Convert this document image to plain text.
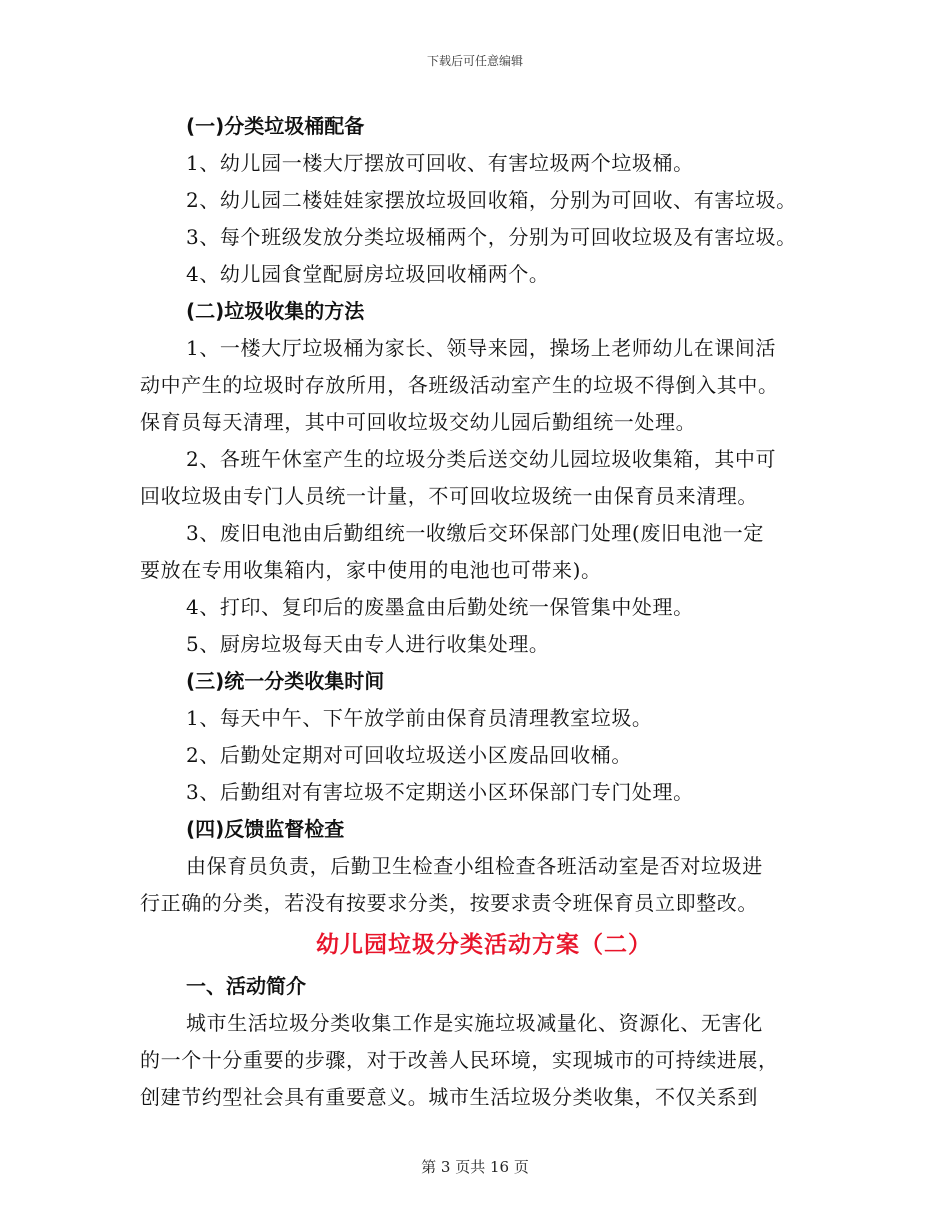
下载后可任意编辑

(一)分类垃圾桶配备

1、幼儿园一楼大厅摆放可回收、有害垃圾两个垃圾桶。

2、幼儿园二楼娃娃家摆放垃圾回收箱，分别为可回收、有害垃圾。

3、每个班级发放分类垃圾桶两个，分别为可回收垃圾及有害垃圾。

4、幼儿园食堂配厨房垃圾回收桶两个。

(二)垃圾收集的方法

1、一楼大厅垃圾桶为家长、领导来园，操场上老师幼儿在课间活

动中产生的垃圾时存放所用，各班级活动室产生的垃圾不得倒入其中。

保育员每天清理，其中可回收垃圾交幼儿园后勤组统一处理。

2、各班午休室产生的垃圾分类后送交幼儿园垃圾收集箱，其中可

回收垃圾由专门人员统一计量，不可回收垃圾统一由保育员来清理。

3、废旧电池由后勤组统一收缴后交环保部门处理(废旧电池一定

要放在专用收集箱内，家中使用的电池也可带来)。

4、打印、复印后的废墨盒由后勤处统一保管集中处理。

5、厨房垃圾每天由专人进行收集处理。

(三)统一分类收集时间

1、每天中午、下午放学前由保育员清理教室垃圾。

2、后勤处定期对可回收垃圾送小区废品回收桶。

3、后勤组对有害垃圾不定期送小区环保部门专门处理。

(四)反馈监督检查

由保育员负责，后勤卫生检查小组检查各班活动室是否对垃圾进

行正确的分类，若没有按要求分类，按要求责令班保育员立即整改。

幼儿园垃圾分类活动方案（二）

一、活动简介

城市生活垃圾分类收集工作是实施垃圾减量化、资源化、无害化

的一个十分重要的步骤，对于改善人民环境，实现城市的可持续进展，

创建节约型社会具有重要意义。城市生活垃圾分类收集，不仅关系到

第 3 页共 16 页
